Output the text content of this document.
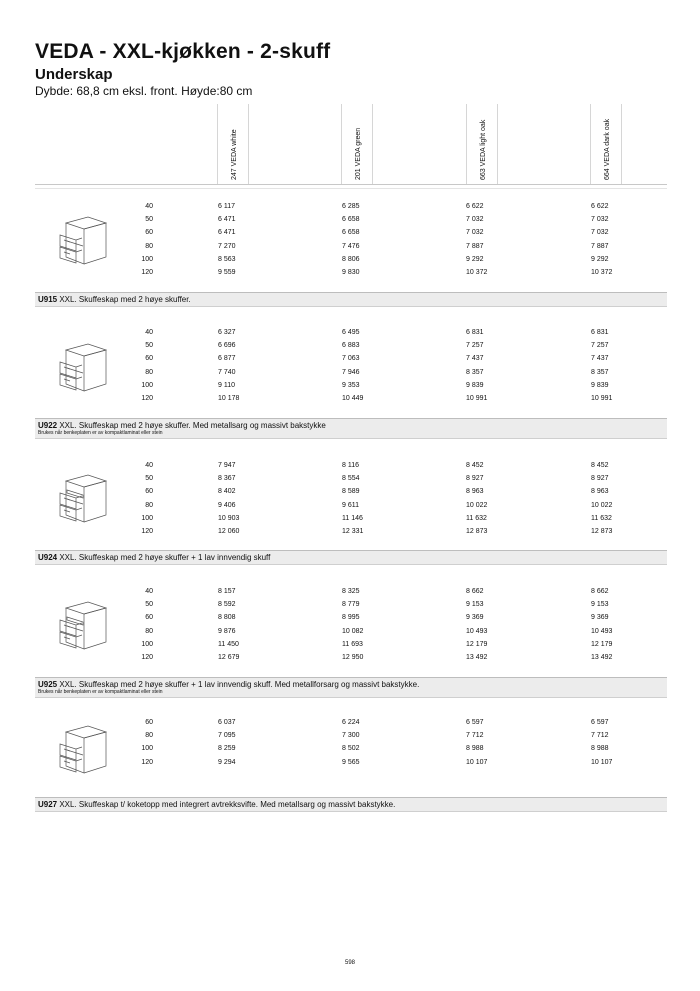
VEDA - XXL-kjøkken - 2-skuff
Underskap
Dybde: 68,8 cm eksl. front. Høyde:80 cm
247 VEDA white	201 VEDA green	663 VEDA light oak	664 VEDA dark oak
40	6 117	6 285	6 622	6 622
50	6 471	6 658	7 032	7 032
60	6 471	6 658	7 032	7 032
80	7 270	7 476	7 887	7 887
100	8 563	8 806	9 292	9 292
120	9 559	9 830	10 372	10 372
U915 XXL. Skuffeskap med 2 høye skuffer.
40	6 327	6 495	6 831	6 831
50	6 696	6 883	7 257	7 257
60	6 877	7 063	7 437	7 437
80	7 740	7 946	8 357	8 357
100	9 110	9 353	9 839	9 839
120	10 178	10 449	10 991	10 991
U922 XXL. Skuffeskap med 2 høye skuffer. Med metallsarg og massivt bakstykke
Brukes når benkeplaten er av kompaktlaminat eller stein
40	7 947	8 116	8 452	8 452
50	8 367	8 554	8 927	8 927
60	8 402	8 589	8 963	8 963
80	9 406	9 611	10 022	10 022
100	10 903	11 146	11 632	11 632
120	12 060	12 331	12 873	12 873
U924 XXL. Skuffeskap med 2 høye skuffer + 1 lav innvendig skuff
40	8 157	8 325	8 662	8 662
50	8 592	8 779	9 153	9 153
60	8 808	8 995	9 369	9 369
80	9 876	10 082	10 493	10 493
100	11 450	11 693	12 179	12 179
120	12 679	12 950	13 492	13 492
U925 XXL. Skuffeskap med 2 høye skuffer + 1 lav innvendig skuff. Med metallforsarg og massivt bakstykke.
Brukes når benkeplaten er av kompaktlaminat eller stein
60	6 037	6 224	6 597	6 597
80	7 095	7 300	7 712	7 712
100	8 259	8 502	8 988	8 988
120	9 294	9 565	10 107	10 107
U927 XXL. Skuffeskap t/ koketopp med integrert avtrekksvifte. Med metallsarg og massivt bakstykke.
598
